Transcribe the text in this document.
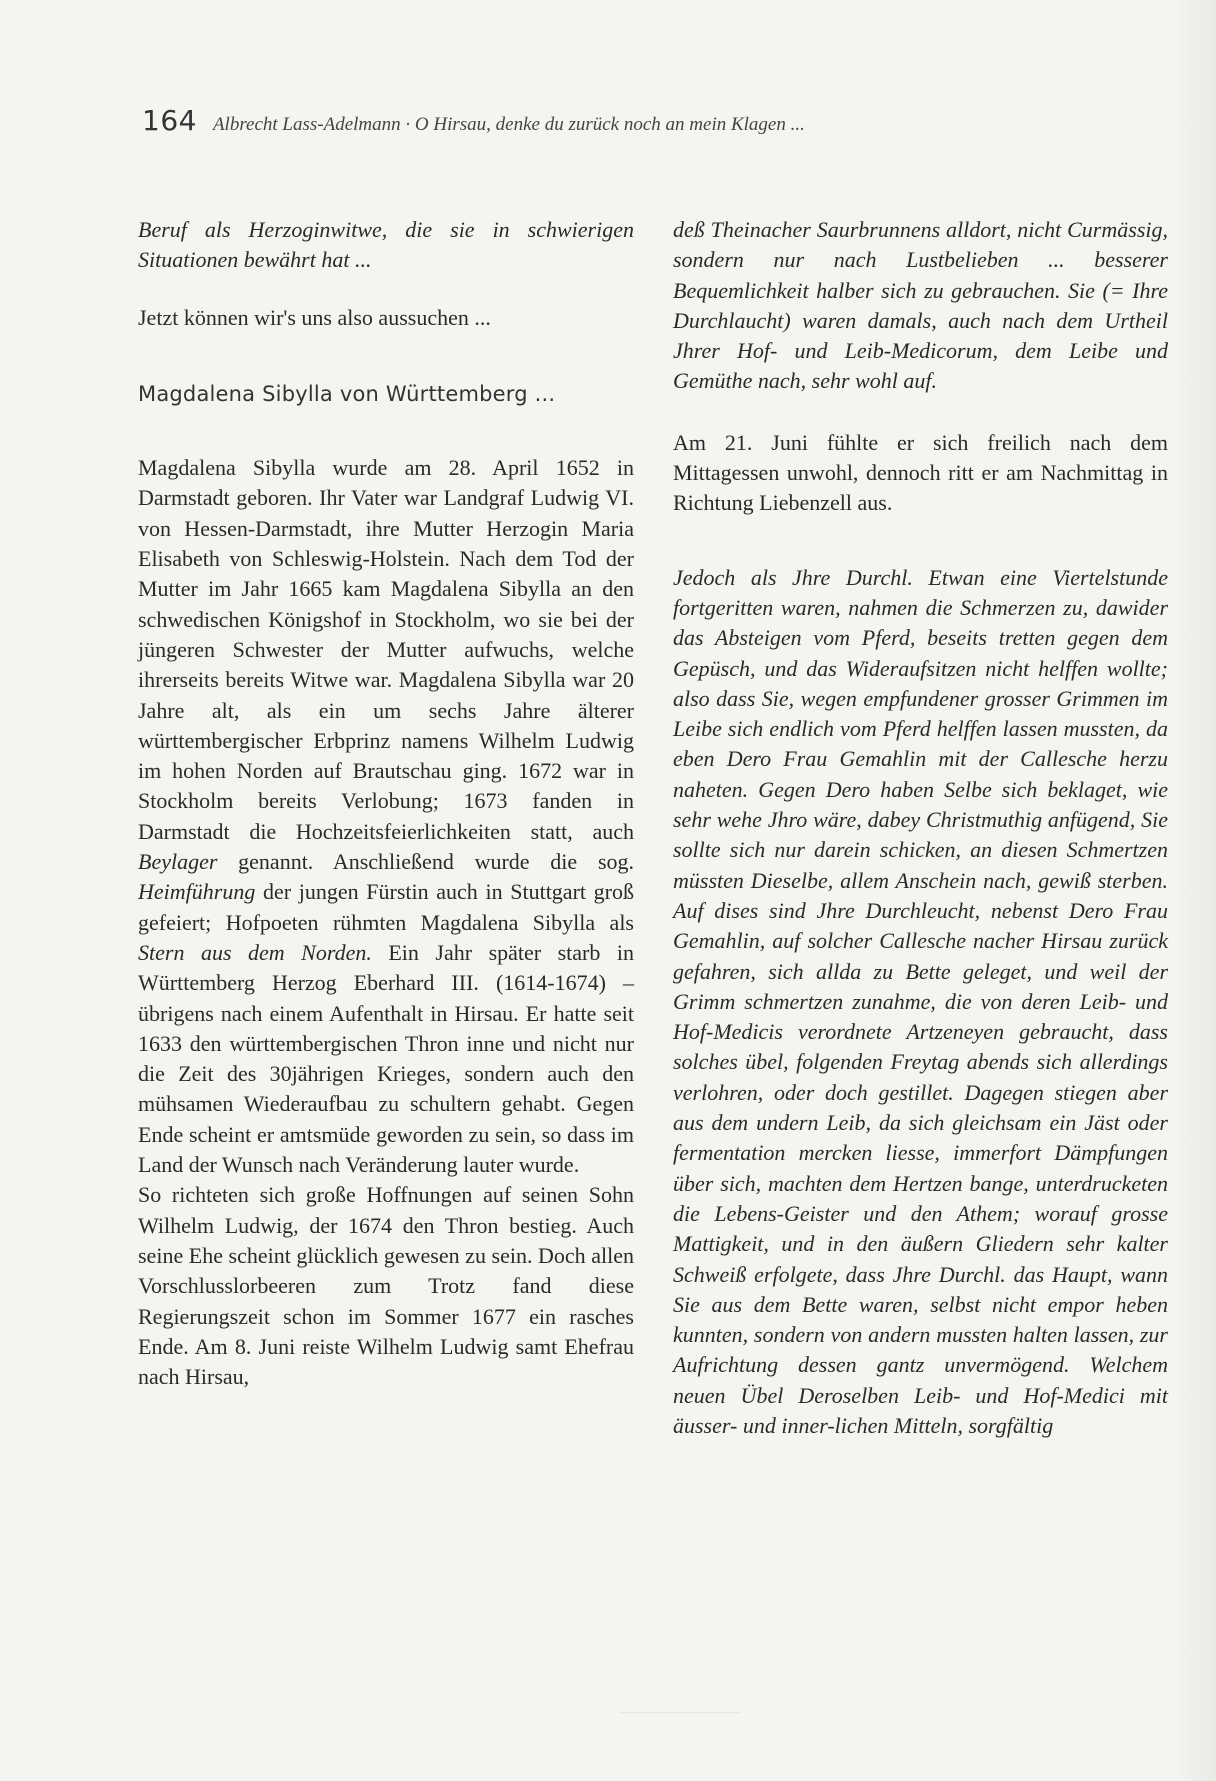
164 Albrecht Lass-Adelmann · O Hirsau, denke du zurück noch an mein Klagen ...

Beruf als Herzoginwitwe, die sie in schwierigen Situationen bewährt hat ...

Jetzt können wir's uns also aussuchen ...

Magdalena Sibylla von Württemberg ...

Magdalena Sibylla wurde am 28. April 1652 in Darmstadt geboren. Ihr Vater war Landgraf Ludwig VI. von Hessen-Darmstadt, ihre Mutter Herzogin Maria Elisabeth von Schleswig-Holstein. Nach dem Tod der Mutter im Jahr 1665 kam Magdalena Sibylla an den schwedischen Königshof in Stockholm, wo sie bei der jüngeren Schwester der Mutter aufwuchs, welche ihrerseits bereits Witwe war. Magdalena Sibylla war 20 Jahre alt, als ein um sechs Jahre älterer württembergischer Erbprinz namens Wilhelm Ludwig im hohen Norden auf Brautschau ging. 1672 war in Stockholm bereits Verlobung; 1673 fanden in Darmstadt die Hochzeitsfeierlichkeiten statt, auch Beylager genannt. Anschließend wurde die sog. Heimführung der jungen Fürstin auch in Stuttgart groß gefeiert; Hofpoeten rühmten Magdalena Sibylla als Stern aus dem Norden. Ein Jahr später starb in Württemberg Herzog Eberhard III. (1614-1674) – übrigens nach einem Aufenthalt in Hirsau. Er hatte seit 1633 den württembergischen Thron inne und nicht nur die Zeit des 30jährigen Krieges, sondern auch den mühsamen Wiederaufbau zu schultern gehabt. Gegen Ende scheint er amtsmüde geworden zu sein, so dass im Land der Wunsch nach Veränderung lauter wurde.

So richteten sich große Hoffnungen auf seinen Sohn Wilhelm Ludwig, der 1674 den Thron bestieg. Auch seine Ehe scheint glücklich gewesen zu sein. Doch allen Vorschlusslorbeeren zum Trotz fand diese Regierungszeit schon im Sommer 1677 ein rasches Ende. Am 8. Juni reiste Wilhelm Ludwig samt Ehefrau nach Hirsau,

deß Theinacher Saurbrunnens alldort, nicht Curmässig, sondern nur nach Lustbelieben ... besserer Bequemlichkeit halber sich zu gebrauchen. Sie (= Ihre Durchlaucht) waren damals, auch nach dem Urtheil Jhrer Hof- und Leib-Medicorum, dem Leibe und Gemüthe nach, sehr wohl auf.

Am 21. Juni fühlte er sich freilich nach dem Mittagessen unwohl, dennoch ritt er am Nachmittag in Richtung Liebenzell aus.

Jedoch als Jhre Durchl. Etwan eine Viertelstunde fortgeritten waren, nahmen die Schmerzen zu, dawider das Absteigen vom Pferd, beseits tretten gegen dem Gepüsch, und das Wideraufsitzen nicht helffen wollte; also dass Sie, wegen empfundener grosser Grimmen im Leibe sich endlich vom Pferd helffen lassen mussten, da eben Dero Frau Gemahlin mit der Callesche herzu naheten. Gegen Dero haben Selbe sich beklaget, wie sehr wehe Jhro wäre, dabey Christmuthig anfügend, Sie sollte sich nur darein schicken, an diesen Schmertzen müssten Dieselbe, allem Anschein nach, gewiß sterben. Auf dises sind Jhre Durchleucht, nebenst Dero Frau Gemahlin, auf solcher Callesche nacher Hirsau zurück gefahren, sich allda zu Bette geleget, und weil der Grimm schmertzen zunahme, die von deren Leib- und Hof-Medicis verordnete Artzeneyen gebraucht, dass solches übel, folgenden Freytag abends sich allerdings verlohren, oder doch gestillet. Dagegen stiegen aber aus dem undern Leib, da sich gleichsam ein Jäst oder fermentation mercken liesse, immerfort Dämpfungen über sich, machten dem Hertzen bange, unterdrucketen die Lebens-Geister und den Athem; worauf grosse Mattigkeit, und in den äußern Gliedern sehr kalter Schweiß erfolgete, dass Jhre Durchl. das Haupt, wann Sie aus dem Bette waren, selbst nicht empor heben kunnten, sondern von andern mussten halten lassen, zur Aufrichtung dessen gantz unvermögend. Welchem neuen Übel Deroselben Leib- und Hof-Medici mit äusser- und inner-lichen Mitteln, sorgfältig
